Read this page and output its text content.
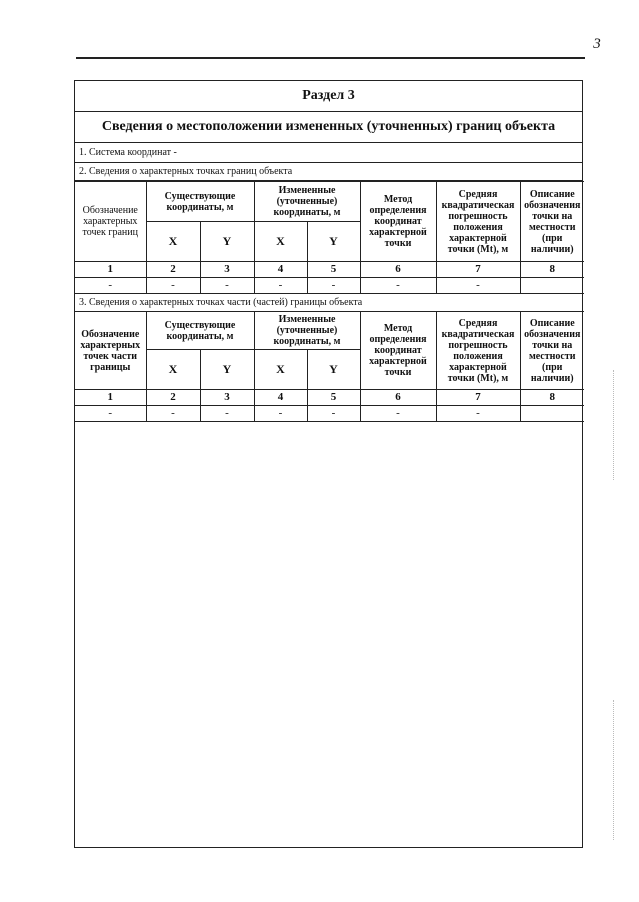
3
Раздел 3
Сведения о местоположении измененных (уточненных) границ объекта
1. Система координат -
2. Сведения о характерных точках границ объекта
Обозначение характерных точек границ	Существующие координаты, м		Измененные (уточненные) координаты, м		Метод определения координат характерной точки	Средняя квадратическая погрешность положения характерной точки (Mt), м	Описание обозначения точки на местности (при наличии)
	X	Y	X	Y			
1	2	3	4	5	6	7	8
-	-	-	-	-	-	-	
3. Сведения о характерных точках части (частей) границы объекта
Обозначение характерных точек части границы	Существующие координаты, м		Измененные (уточненные) координаты, м		Метод определения координат характерной точки	Средняя квадратическая погрешность положения характерной точки (Mt), м	Описание обозначения точки на местности (при наличии)
	X	Y	X	Y			
1	2	3	4	5	6	7	8
-	-	-	-	-	-	-	
